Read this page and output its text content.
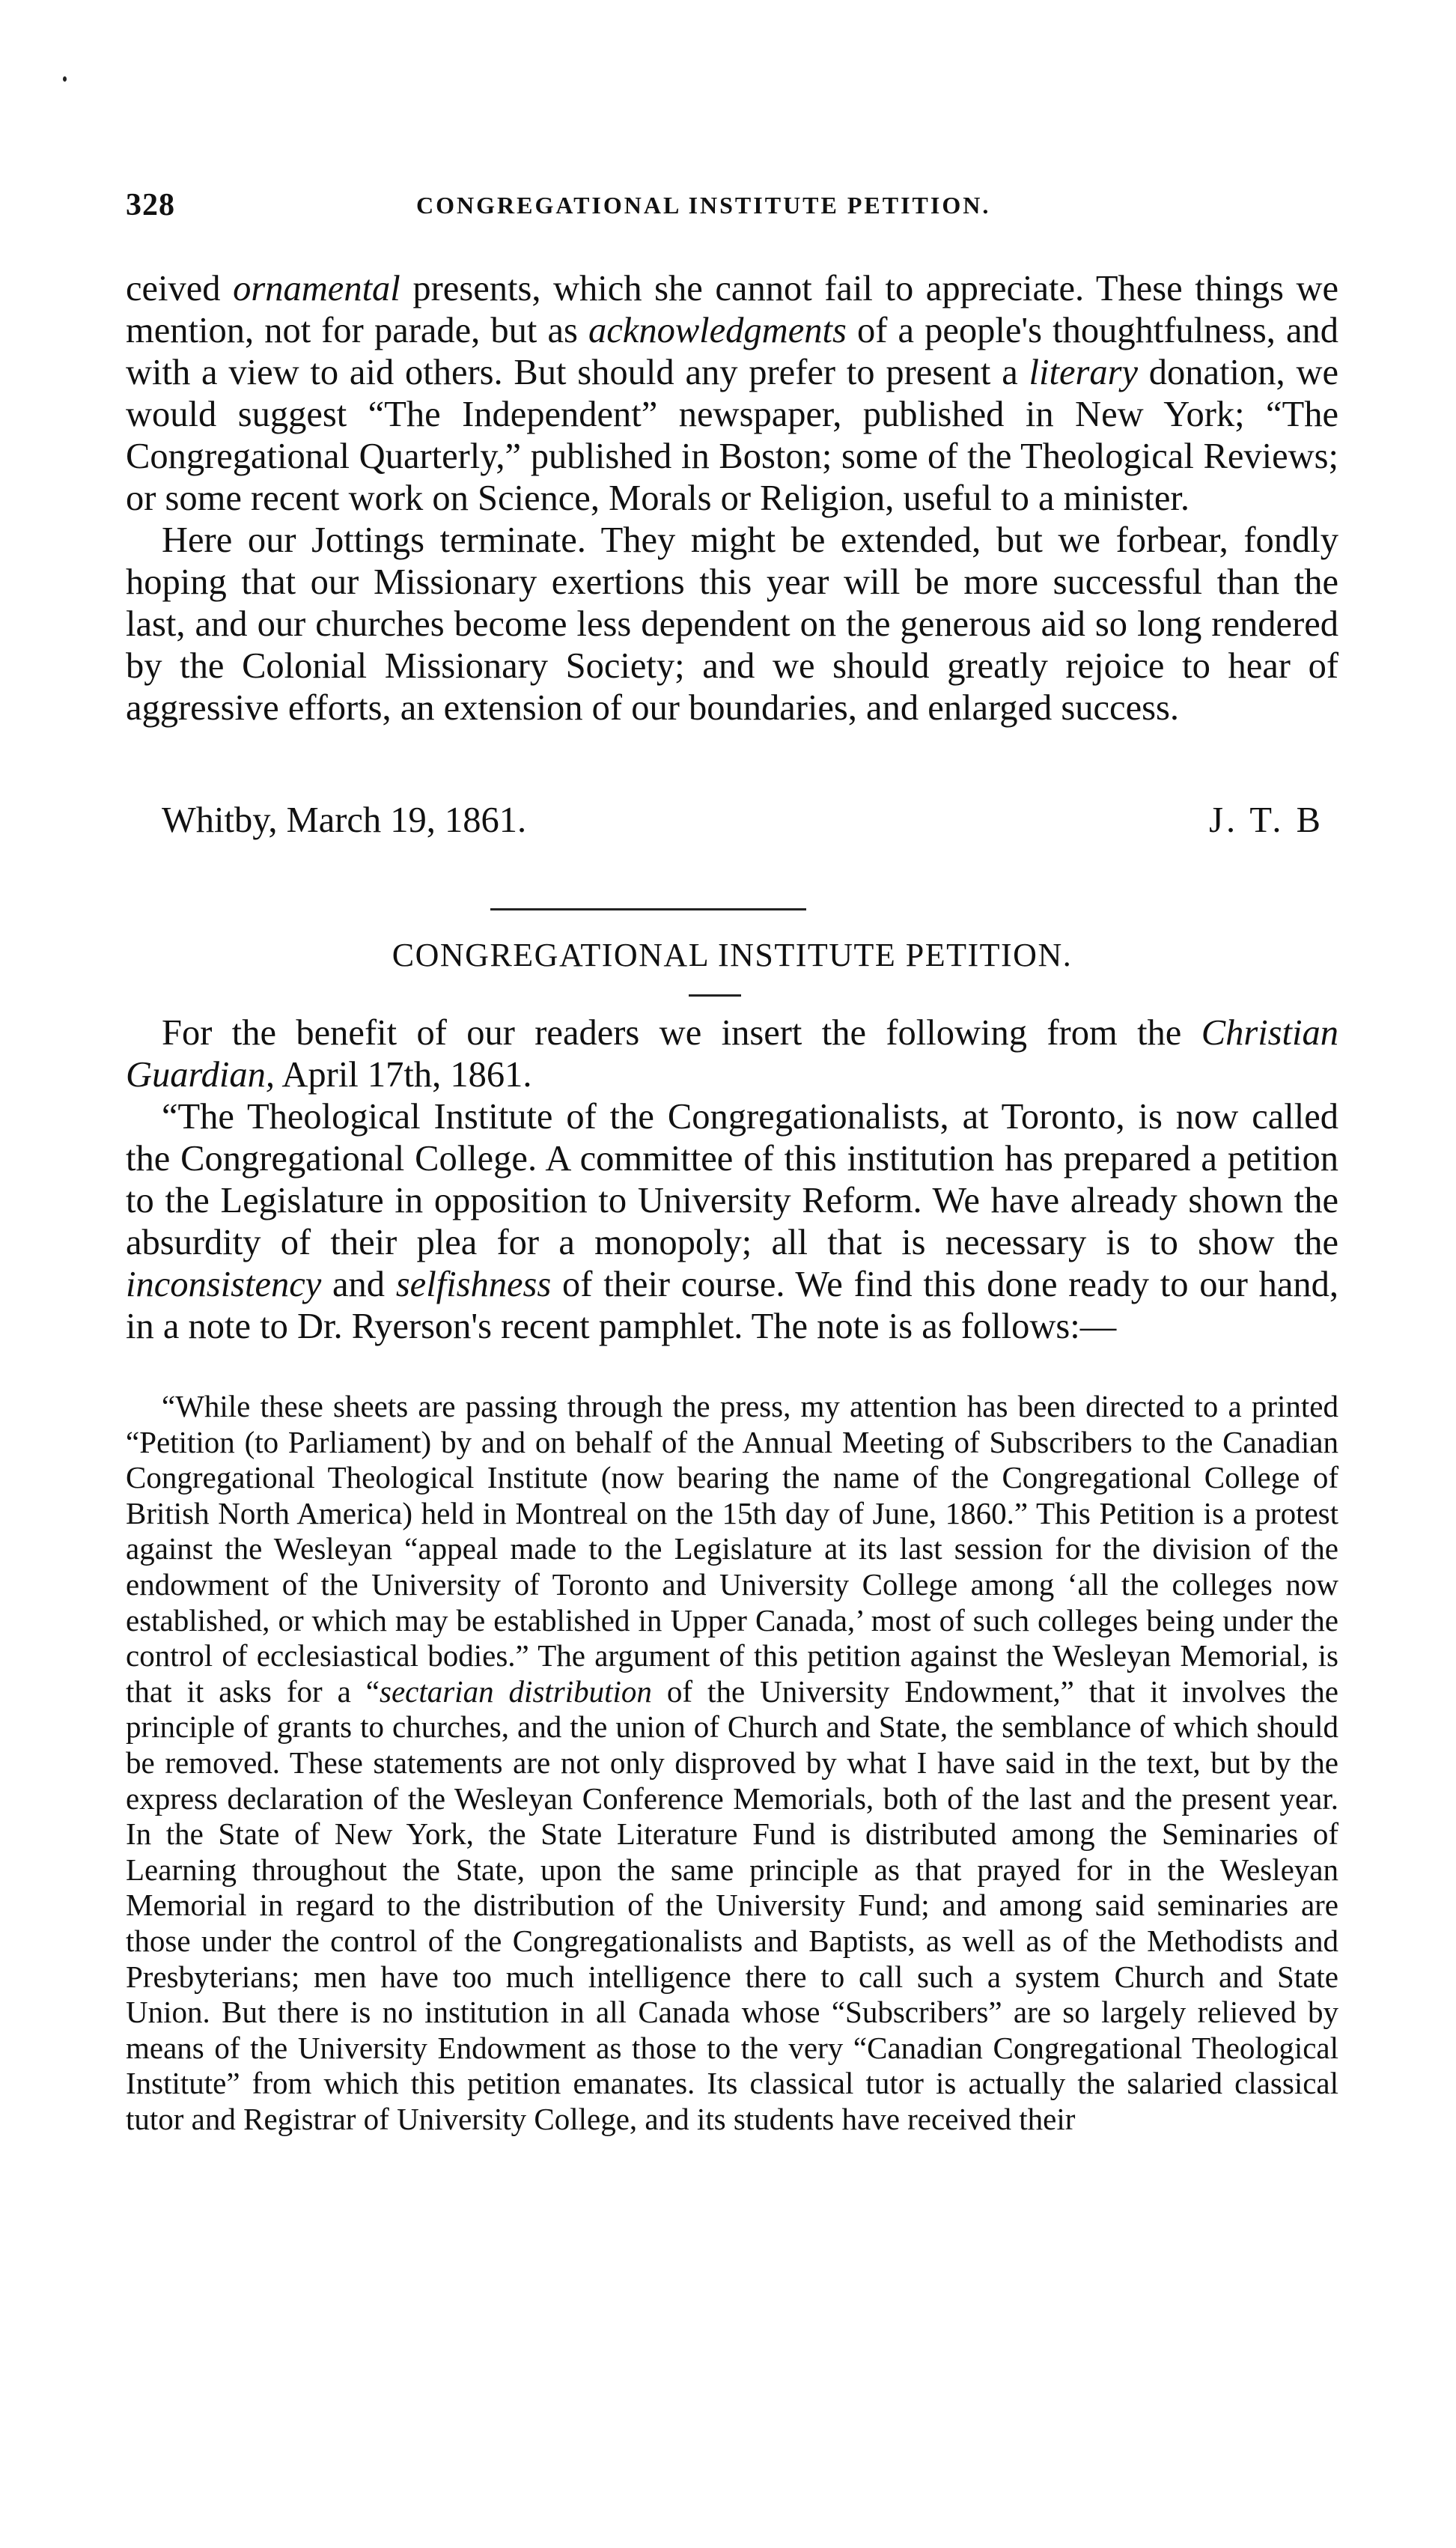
328	CONGREGATIONAL INSTITUTE PETITION.

ceived ornamental presents, which she cannot fail to appreciate. These things we mention, not for parade, but as acknowledgments of a people's thoughtfulness, and with a view to aid others. But should any prefer to present a literary donation, we would suggest “The Independent” newspaper, published in New York; “The Congregational Quarterly,” published in Boston; some of the Theological Reviews; or some recent work on Science, Morals or Religion, useful to a minister.

Here our Jottings terminate. They might be extended, but we forbear, fondly hoping that our Missionary exertions this year will be more successful than the last, and our churches become less dependent on the generous aid so long rendered by the Colonial Missionary Society; and we should greatly rejoice to hear of aggressive efforts, an extension of our boundaries, and enlarged success.

Whitby, March 19, 1861.	J. T. B
CONGREGATIONAL INSTITUTE PETITION.

For the benefit of our readers we insert the following from the Christian Guardian, April 17th, 1861.

“The Theological Institute of the Congregationalists, at Toronto, is now called the Congregational College. A committee of this institution has prepared a petition to the Legislature in opposition to University Reform. We have already shown the absurdity of their plea for a monopoly; all that is necessary is to show the inconsistency and selfishness of their course. We find this done ready to our hand, in a note to Dr. Ryerson's recent pamphlet. The note is as follows:—

“While these sheets are passing through the press, my attention has been directed to a printed “Petition (to Parliament) by and on behalf of the Annual Meeting of Subscribers to the Canadian Congregational Theological Institute (now bearing the name of the Congregational College of British North America) held in Montreal on the 15th day of June, 1860.” This Petition is a protest against the Wesleyan “appeal made to the Legislature at its last session for the division of the endowment of the University of Toronto and University College among ‘all the colleges now established, or which may be established in Upper Canada,’ most of such colleges being under the control of ecclesiastical bodies.” The argument of this petition against the Wesleyan Memorial, is that it asks for a “sectarian distribution of the University Endowment,” that it involves the principle of grants to churches, and the union of Church and State, the semblance of which should be removed. These statements are not only disproved by what I have said in the text, but by the express declaration of the Wesleyan Conference Memorials, both of the last and the present year. In the State of New York, the State Literature Fund is distributed among the Seminaries of Learning throughout the State, upon the same principle as that prayed for in the Wesleyan Memorial in regard to the distribution of the University Fund; and among said seminaries are those under the control of the Congregationalists and Baptists, as well as of the Methodists and Presbyterians; men have too much intelligence there to call such a system Church and State Union. But there is no institution in all Canada whose “Subscribers” are so largely relieved by means of the University Endowment as those to the very “Canadian Congregational Theological Institute” from which this petition emanates. Its classical tutor is actually the salaried classical tutor and Registrar of University College, and its students have received their
